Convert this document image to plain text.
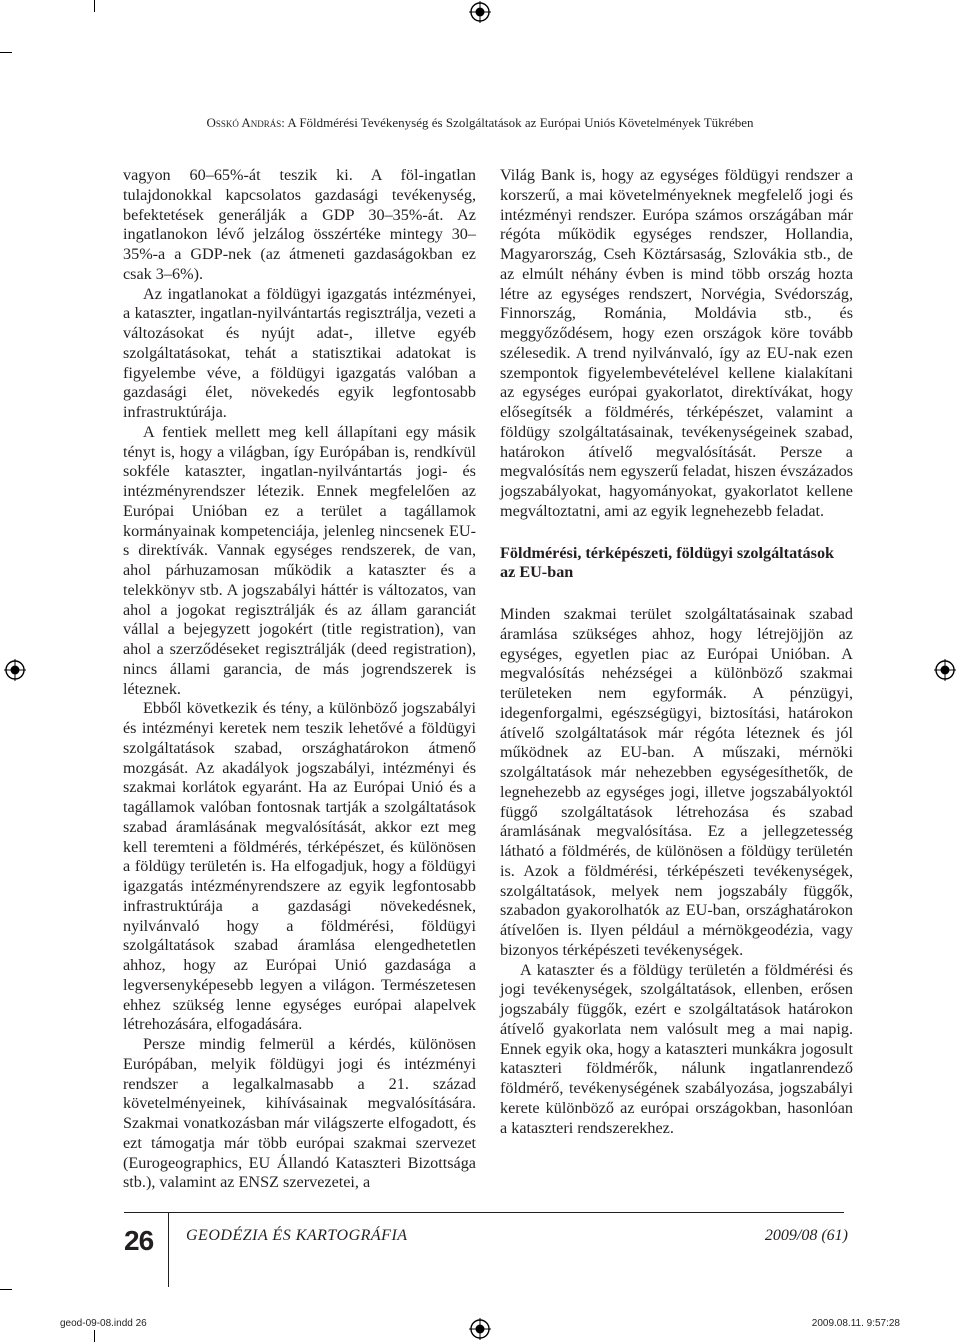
Osskó András: A Földmérési Tevékenység és Szolgáltatások az Európai Uniós Követelmények Tükrében

vagyon 60–65%-át teszik ki. A föl-ingatlan tulajdonokkal kapcsolatos gazdasági tevékenység, befektetések generálják a GDP 30–35%-át. Az ingatlanokon lévő jelzálog összértéke mintegy 30–35%-a a GDP-nek (az átmeneti gazdaságokban ez csak 3–6%).

Az ingatlanokat a földügyi igazgatás intézményei, a kataszter, ingatlan-nyilvántartás regisztrálja, vezeti a változásokat és nyújt adat-, illetve egyéb szolgáltatásokat, tehát a statisztikai adatokat is figyelembe véve, a földügyi igazgatás valóban a gazdasági élet, növekedés egyik legfontosabb infrastruktúrája.

A fentiek mellett meg kell állapítani egy másik tényt is, hogy a világban, így Európában is, rendkívül sokféle kataszter, ingatlan-nyilvántartás jogi- és intézményrendszer létezik. Ennek megfelelően az Európai Unióban ez a terület a tagállamok kormányainak kompetenciája, jelenleg nincsenek EU-s direktívák. Vannak egységes rendszerek, de van, ahol párhuzamosan működik a kataszter és a telekkönyv stb. A jogszabályi háttér is változatos, van ahol a jogokat regisztrálják és az állam garanciát vállal a bejegyzett jogokért (title registration), van ahol a szerződéseket regisztrálják (deed registration), nincs állami garancia, de más jogrendszerek is léteznek.

Ebből következik és tény, a különböző jogszabályi és intézményi keretek nem teszik lehetővé a földügyi szolgáltatások szabad, országhatárokon átmenő mozgását. Az akadályok jogszabályi, intézményi és szakmai korlátok egyaránt. Ha az Európai Unió és a tagállamok valóban fontosnak tartják a szolgáltatások szabad áramlásának megvalósítását, akkor ezt meg kell teremteni a földmérés, térképészet, és különösen a földügy területén is. Ha elfogadjuk, hogy a földügyi igazgatás intézményrendszere az egyik legfontosabb infrastruktúrája a gazdasági növekedésnek, nyilvánvaló hogy a földmérési, földügyi szolgáltatások szabad áramlása elengedhetetlen ahhoz, hogy az Európai Unió gazdasága a legversenyképesebb legyen a világon. Természetesen ehhez szükség lenne egységes európai alapelvek létrehozására, elfogadására.

Persze mindig felmerül a kérdés, különösen Európában, melyik földügyi jogi és intézményi rendszer a legalkalmasabb a 21. század követelményeinek, kihívásainak megvalósítására. Szakmai vonatkozásban már világszerte elfogadott, és ezt támogatja már több európai szakmai szervezet (Eurogeographics, EU Állandó Kataszteri Bizottsága stb.), valamint az ENSZ szervezetei, a

Világ Bank is, hogy az egységes földügyi rendszer a korszerű, a mai követelményeknek megfelelő jogi és intézményi rendszer. Európa számos országában már régóta működik egységes rendszer, Hollandia, Magyarország, Cseh Köztársaság, Szlovákia stb., de az elmúlt néhány évben is mind több ország hozta létre az egységes rendszert, Norvégia, Svédország, Finnország, Románia, Moldávia stb., és meggyőződésem, hogy ezen országok köre tovább szélesedik. A trend nyilvánvaló, így az EU-nak ezen szempontok figyelembevételével kellene kialakítani az egységes európai gyakorlatot, direktívákat, hogy elősegítsék a földmérés, térképészet, valamint a földügy szolgáltatásainak, tevékenységeinek szabad, határokon átívelő megvalósítását. Persze a megvalósítás nem egyszerű feladat, hiszen évszázados jogszabályokat, hagyományokat, gyakorlatot kellene megváltoztatni, ami az egyik legnehezebb feladat.

Földmérési, térképészeti, földügyi szolgáltatások az EU-ban

Minden szakmai terület szolgáltatásainak szabad áramlása szükséges ahhoz, hogy létrejöjjön az egységes, egyetlen piac az Európai Unióban. A megvalósítás nehézségei a különböző szakmai területeken nem egyformák. A pénzügyi, idegenforgalmi, egészségügyi, biztosítási, határokon átívelő szolgáltatások már régóta léteznek és jól működnek az EU-ban. A műszaki, mérnöki szolgáltatások már nehezebben egységesíthetők, de legnehezebb az egységes jogi, illetve jogszabályoktól függő szolgáltatások létrehozása és szabad áramlásának megvalósítása. Ez a jellegzetesség látható a földmérés, de különösen a földügy területén is. Azok a földmérési, térképészeti tevékenységek, szolgáltatások, melyek nem jogszabály függők, szabadon gyakorolhatók az EU-ban, országhatárokon átívelően is. Ilyen például a mérnökgeodézia, vagy bizonyos térképészeti tevékenységek.

A kataszter és a földügy területén a földmérési és jogi tevékenységek, szolgáltatások, ellenben, erősen jogszabály függők, ezért e szolgáltatások határokon átívelő gyakorlata nem valósult meg a mai napig. Ennek egyik oka, hogy a kataszteri munkákra jogosult kataszteri földmérők, nálunk ingatlanrendező földmérő, tevékenységének szabályozása, jogszabályi kerete különböző az európai országokban, hasonlóan a kataszteri rendszerekhez.

26	GEODÉZIA ÉS KARTOGRÁFIA	2009/08 (61)
geod-09-08.indd 26	2009.08.11. 9:57:28
